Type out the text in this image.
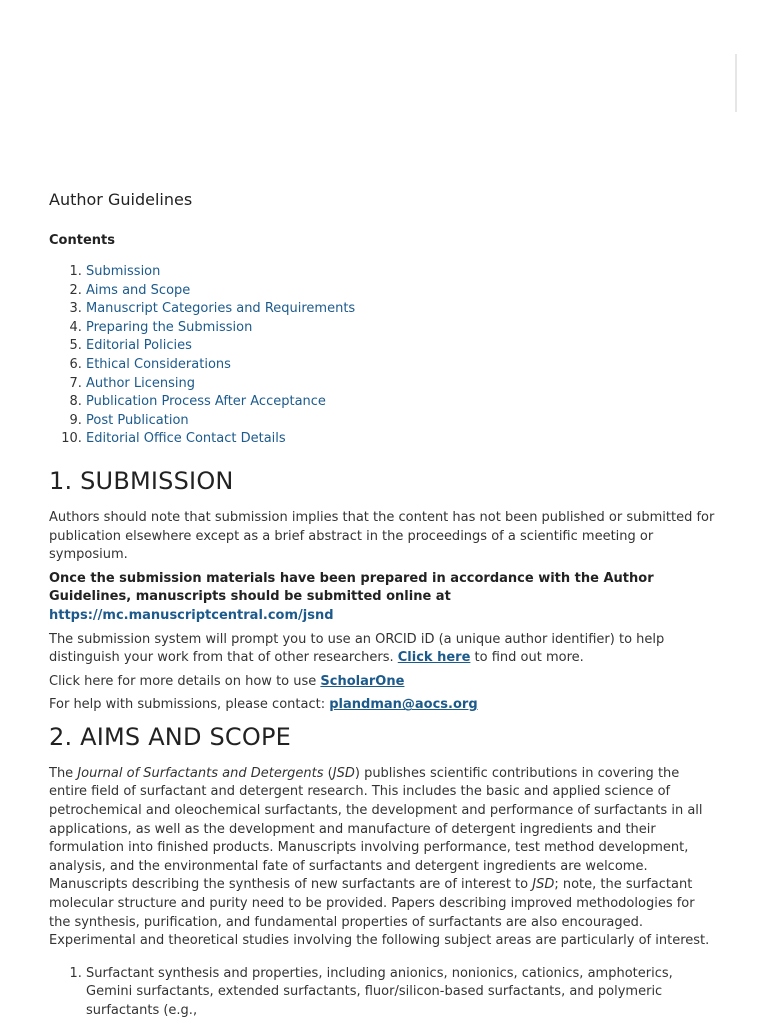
Author Guidelines
Contents
1. Submission
2. Aims and Scope
3. Manuscript Categories and Requirements
4. Preparing the Submission
5. Editorial Policies
6. Ethical Considerations
7. Author Licensing
8. Publication Process After Acceptance
9. Post Publication
10. Editorial Office Contact Details
1. SUBMISSION

Authors should note that submission implies that the content has not been published or submitted for publication elsewhere except as a brief abstract in the proceedings of a scientific meeting or symposium.

Once the submission materials have been prepared in accordance with the Author Guidelines, manuscripts should be submitted online at https://mc.manuscriptcentral.com/jsnd

The submission system will prompt you to use an ORCID iD (a unique author identifier) to help distinguish your work from that of other researchers. Click here to find out more.

Click here for more details on how to use ScholarOne

For help with submissions, please contact: plandman@aocs.org

2. AIMS AND SCOPE

The Journal of Surfactants and Detergents (JSD) publishes scientific contributions in covering the entire field of surfactant and detergent research. This includes the basic and applied science of petrochemical and oleochemical surfactants, the development and performance of surfactants in all applications, as well as the development and manufacture of detergent ingredients and their formulation into finished products. Manuscripts involving performance, test method development, analysis, and the environmental fate of surfactants and detergent ingredients are welcome. Manuscripts describing the synthesis of new surfactants are of interest to JSD; note, the surfactant molecular structure and purity need to be provided. Papers describing improved methodologies for the synthesis, purification, and fundamental properties of surfactants are also encouraged. Experimental and theoretical studies involving the following subject areas are particularly of interest.

1. Surfactant synthesis and properties, including anionics, nonionics, cationics, amphoterics, Gemini surfactants, extended surfactants, fluor/silicon-based surfactants, and polymeric surfactants (e.g.,
